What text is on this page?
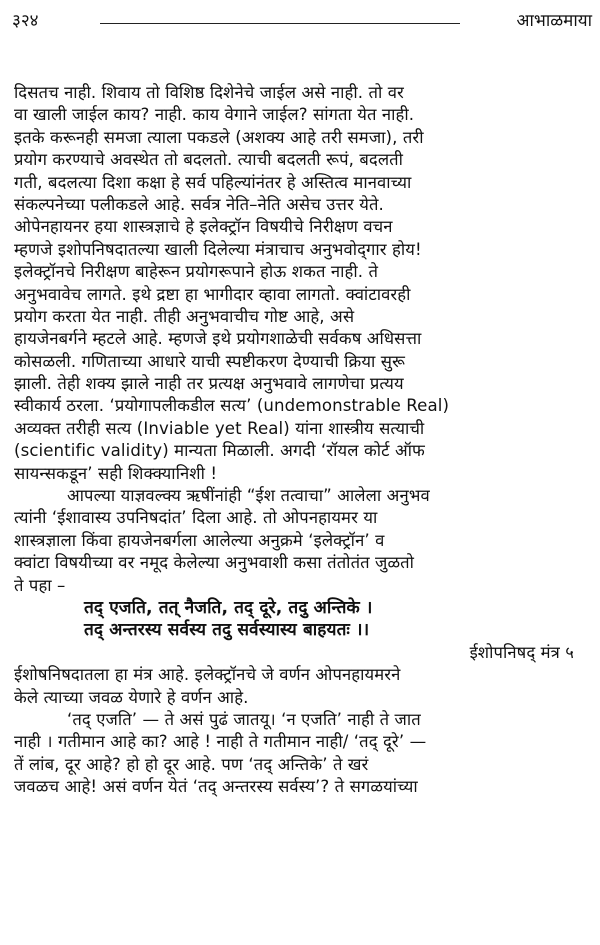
३२४	आभाळमाया
दिसतच नाही. शिवाय तो विशिष्ठ दिशेनेचे जाईल असे नाही. तो वर
वा खाली जाईल काय? नाही. काय वेगाने जाईल? सांगता येत नाही.
इतके करूनही समजा त्याला पकडले (अशक्य आहे तरी समजा), तरी
प्रयोग करण्याचे अवस्थेत तो बदलतो. त्याची बदलती रूपं, बदलती
गती, बदलत्या दिशा कक्षा हे सर्व पहिल्यांनंतर हे अस्तित्व मानवाच्या
संकल्पनेच्या पलीकडले आहे. सर्वत्र नेति–नेति असेच उत्तर येते.
ओपेनहायनर हया शास्त्रज्ञाचे हे इलेक्ट्रॉन विषयीचे निरीक्षण वचन
म्हणजे इशोपनिषदातल्या खाली दिलेल्या मंत्राचाच अनुभवोद्‌गार होय!
इलेक्ट्रॉनचे निरीक्षण बाहेरून प्रयोगरूपाने होऊ शकत नाही. ते
अनुभवावेच लागते. इथे द्रष्टा हा भागीदार व्हावा लागतो. क्वांटावरही
प्रयोग करता येत नाही. तीही अनुभवाचीच गोष्ट आहे, असे
हायजेनबर्गने म्हटले आहे. म्हणजे इथे प्रयोगशाळेची सर्वकष अधिसत्ता
कोसळली. गणिताच्या आधारे याची स्पष्टीकरण देण्याची क्रिया सुरू
झाली. तेही शक्य झाले नाही तर प्रत्यक्ष अनुभवावे लागणेचा प्रत्यय
स्वीकार्य ठरला. ‘प्रयोगापलीकडील सत्य’ (undemonstrable Real)
अव्यक्त तरीही सत्य (Inviable yet Real) यांना शास्त्रीय सत्याची
(scientific validity) मान्यता मिळाली. अगदी ‘रॉयल कोर्ट ऑफ
सायन्सकडून’ सही शिक्क्यानिशी !
आपल्या याज्ञवल्क्य ऋषींनांही “ईश तत्वाचा” आलेला अनुभव
त्यांनी ‘ईशावास्य उपनिषदांत’ दिला आहे. तो ओपनहायमर या
शास्त्रज्ञाला किंवा हायजेनबर्गला आलेल्या अनुक्रमे ‘इलेक्ट्रॉन’ व
क्वांटा विषयीच्या वर नमूद केलेल्या अनुभवाशी कसा तंतोतंत जुळतो
ते पहा –
तद् एजति, तत् नैजति, तद् दूरे, तदु अन्तिके ।
तद् अन्तरस्य सर्वस्य तदु सर्वस्यास्य बाहयतः ।।
ईशोपनिषद् मंत्र ५
ईशोषनिषदातला हा मंत्र आहे. इलेक्ट्रॉनचे जे वर्णन ओपनहायमरने
केले त्याच्या जवळ येणारे हे वर्णन आहे.
‘तद् एजति’ — ते असं पुढं जातयू। ‘न एजति’ नाही ते जात
नाही । गतीमान आहे का? आहे ! नाही ते गतीमान नाही/ ‘तद् दूरे’ —
तें लांब, दूर आहे? हो हो दूर आहे. पण ‘तद् अन्तिके’ ते खरं
जवळच आहे! असं वर्णन येतं ‘तद् अन्तरस्य सर्वस्य’? ते सगळयांच्या
